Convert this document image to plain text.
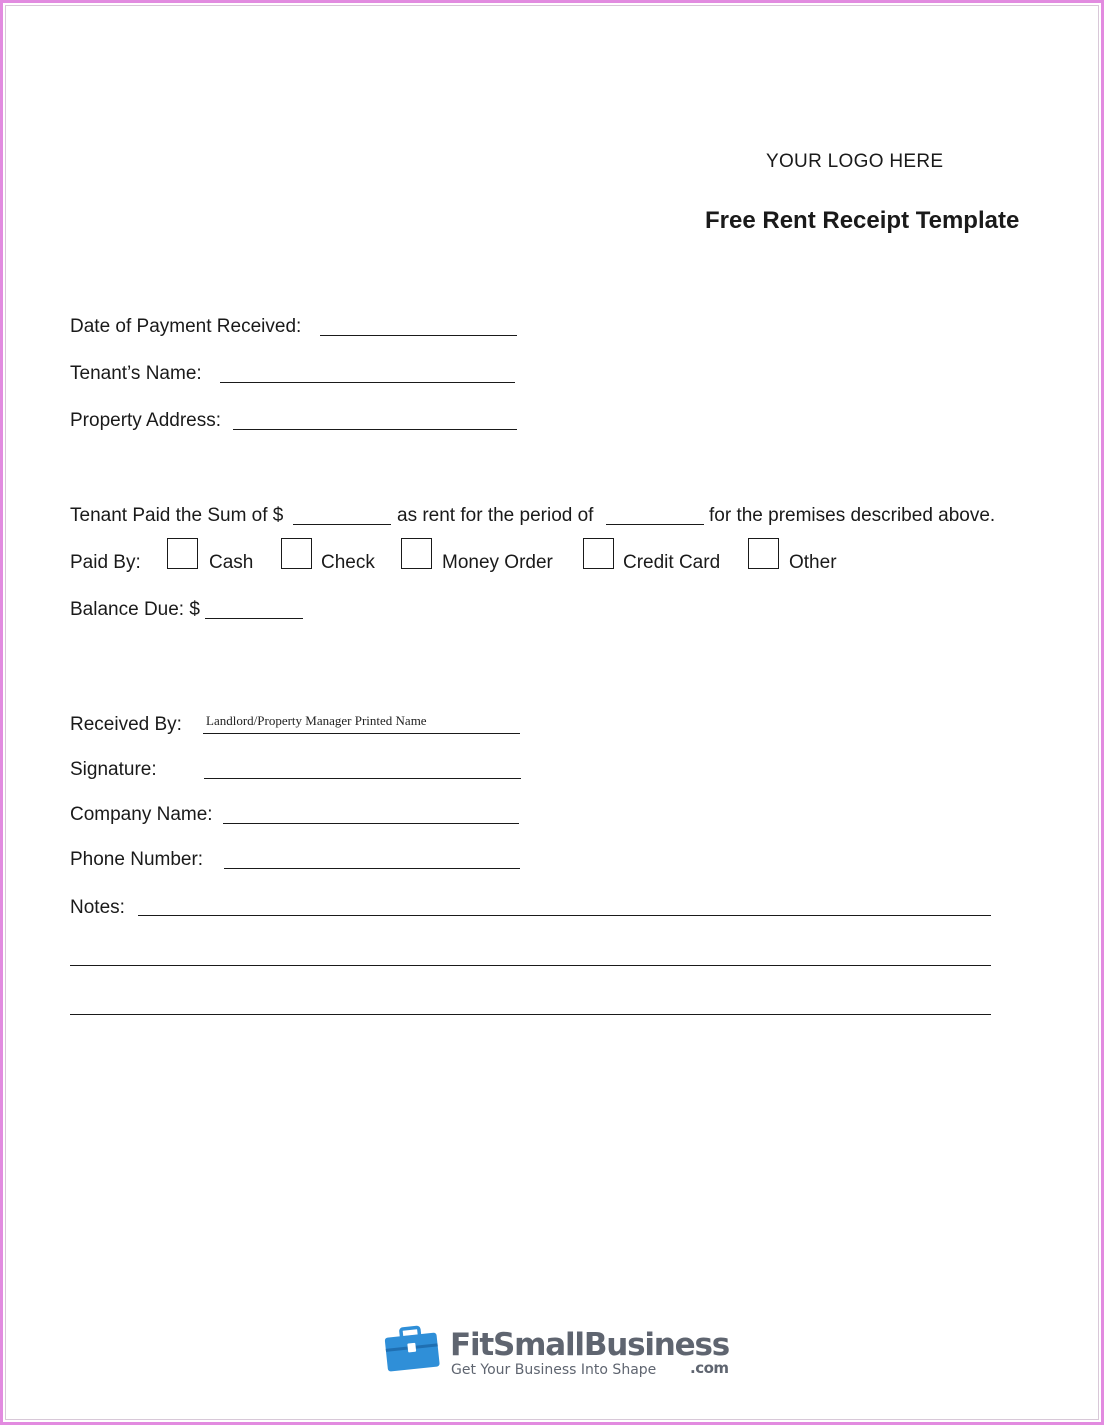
YOUR LOGO HERE
Free Rent Receipt Template
Date of Payment Received:
Tenant’s Name:
Property Address:
Tenant Paid the Sum of $	as rent for the period of	for the premises described above.
Paid By:	Cash	Check	Money Order	Credit Card	Other
Balance Due: $
Received By: Landlord/Property Manager Printed Name
Signature:
Company Name:
Phone Number:
Notes:
FitSmallBusiness
Get Your Business Into Shape .com
